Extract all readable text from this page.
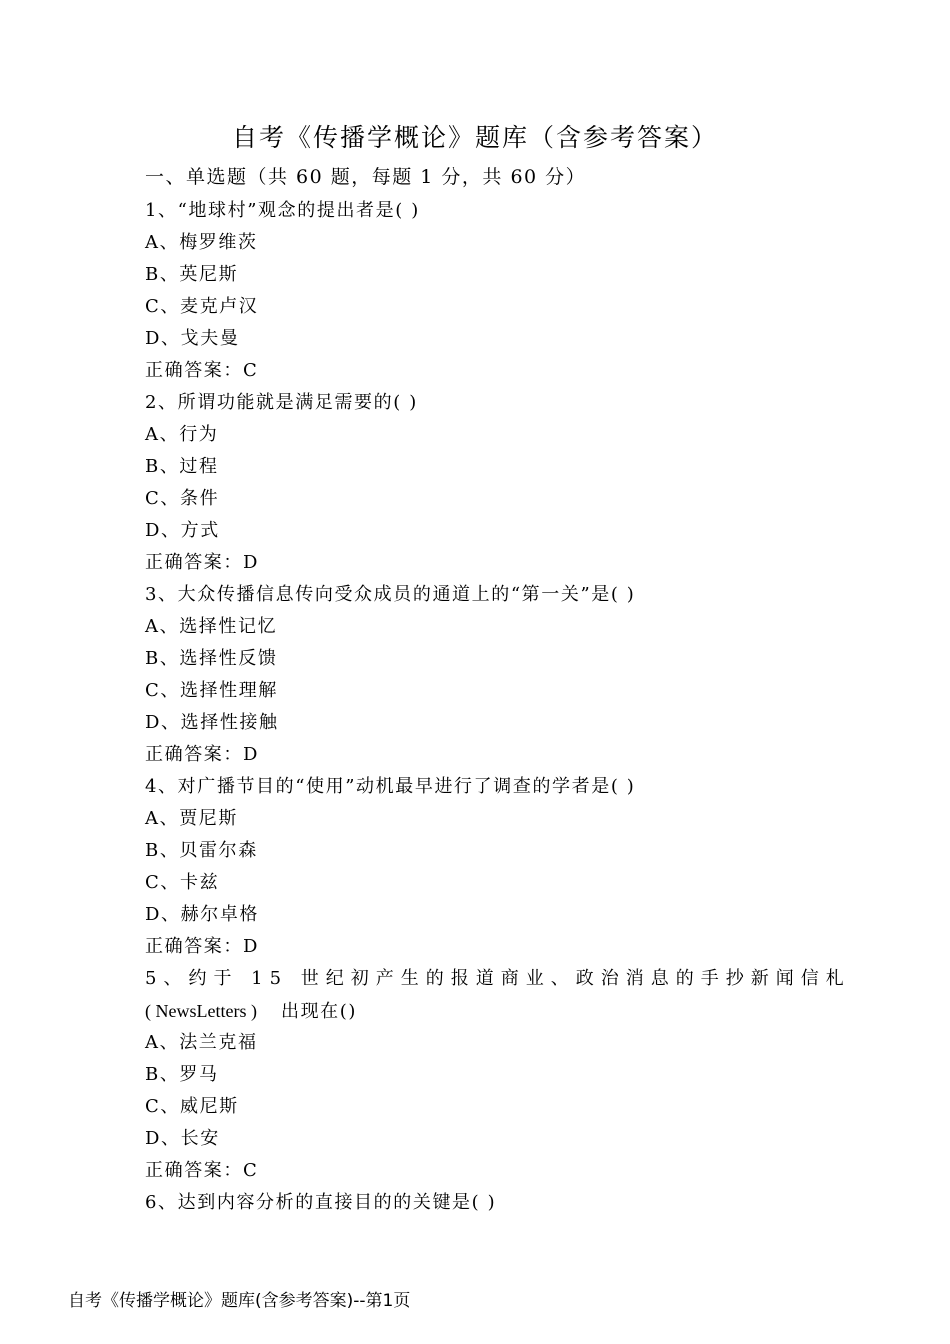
自考《传播学概论》题库（含参考答案）
一、单选题（共 60 题，每题 1 分，共 60 分）
1、“地球村”观念的提出者是( )
A、梅罗维茨
B、英尼斯
C、麦克卢汉
D、戈夫曼
正确答案：C
2、所谓功能就是满足需要的( )
A、行为
B、过程
C、条件
D、方式
正确答案：D
3、大众传播信息传向受众成员的通道上的“第一关”是( )
A、选择性记忆
B、选择性反馈
C、选择性理解
D、选择性接触
正确答案：D
4、对广播节目的“使用”动机最早进行了调查的学者是( )
A、贾尼斯
B、贝雷尔森
C、卡兹
D、赫尔卓格
正确答案：D
5、约于 15 世纪初产生的报道商业、政治消息的手抄新闻信札
( NewsLetters ) 出现在()
A、法兰克福
B、罗马
C、威尼斯
D、长安
正确答案：C
6、达到内容分析的直接目的的关键是( )
自考《传播学概论》题库(含参考答案)--第1页
